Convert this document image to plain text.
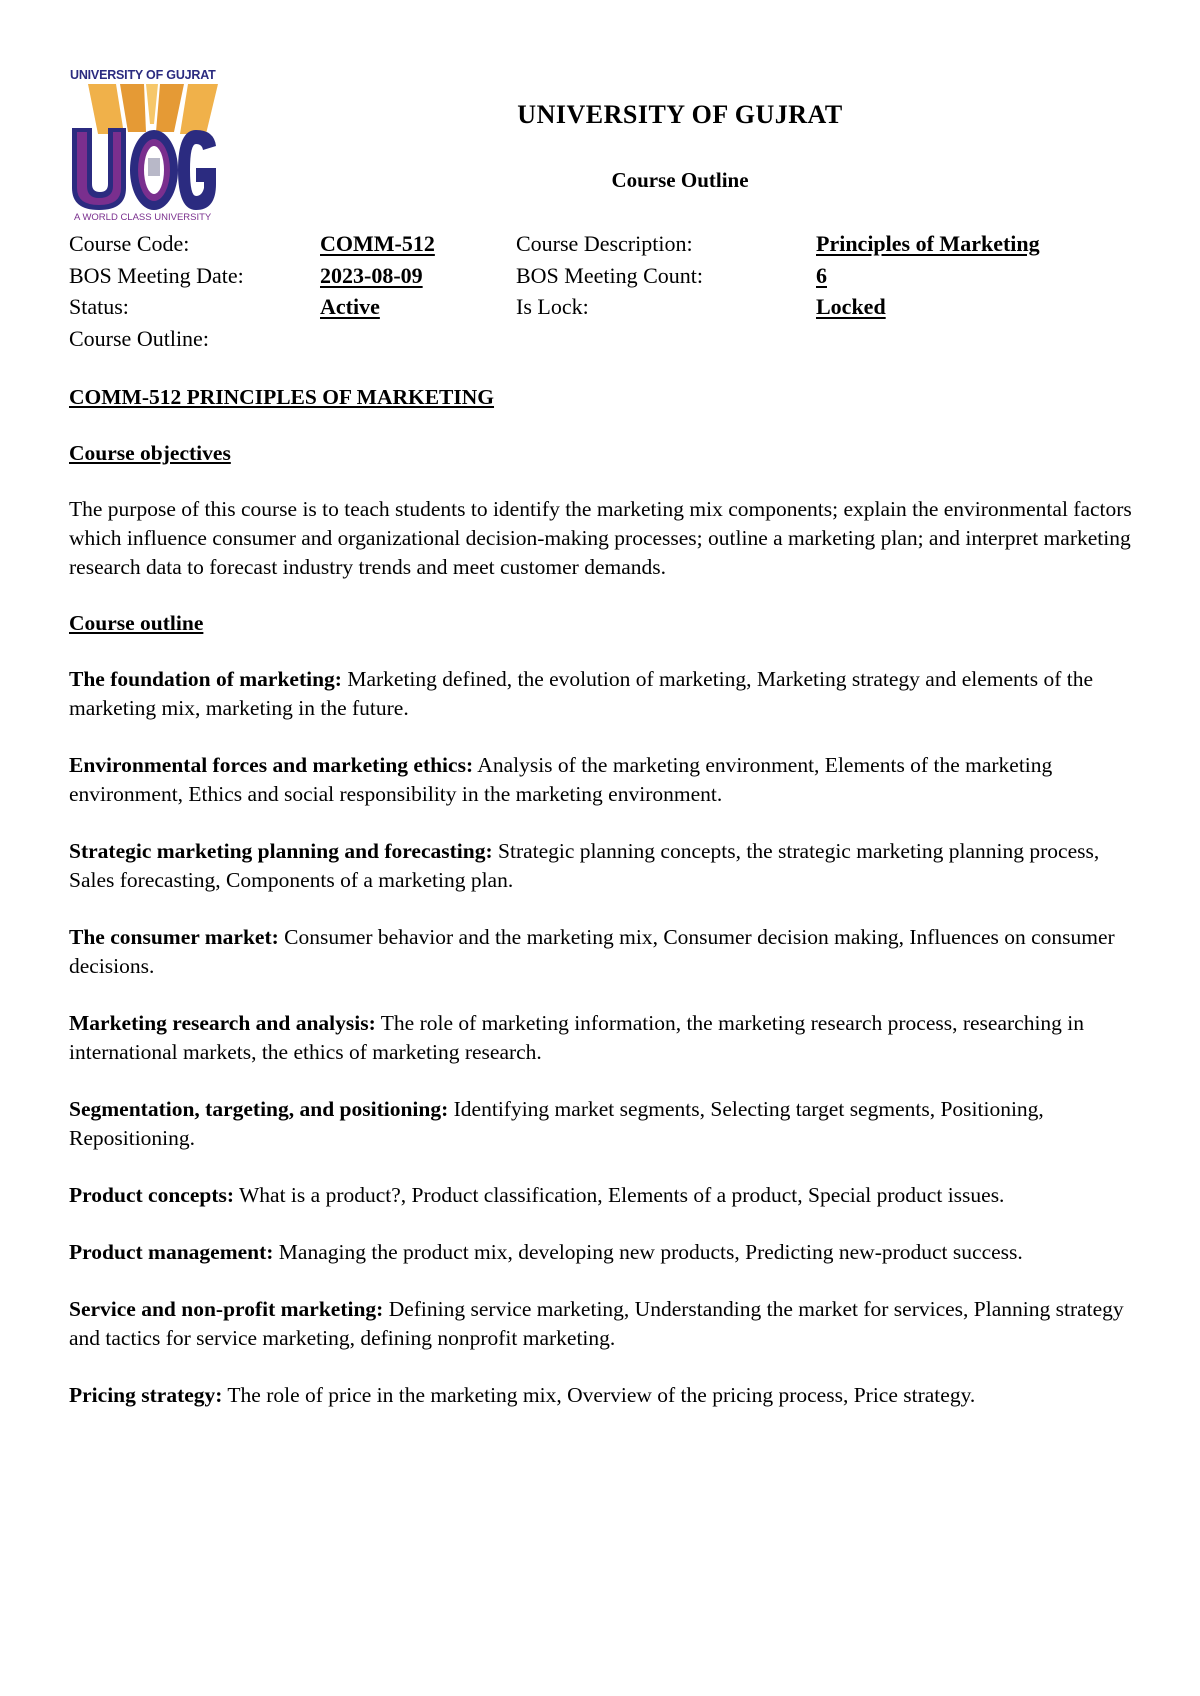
UNIVERSITY OF GUJRAT
A WORLD CLASS UNIVERSITY
UNIVERSITY OF GUJRAT
Course Outline
Course Code:	COMM-512	Course Description:	Principles of Marketing
BOS Meeting Date:	2023-08-09	BOS Meeting Count:	6
Status:	Active	Is Lock:	Locked
Course Outline:

COMM-512 PRINCIPLES OF MARKETING

Course objectives

The purpose of this course is to teach students to identify the marketing mix components; explain the environmental factors which influence consumer and organizational decision-making processes; outline a marketing plan; and interpret marketing research data to forecast industry trends and meet customer demands.

Course outline

The foundation of marketing: Marketing defined, the evolution of marketing, Marketing strategy and elements of the marketing mix, marketing in the future.

Environmental forces and marketing ethics: Analysis of the marketing environment, Elements of the marketing environment, Ethics and social responsibility in the marketing environment.

Strategic marketing planning and forecasting: Strategic planning concepts, the strategic marketing planning process, Sales forecasting, Components of a marketing plan.

The consumer market: Consumer behavior and the marketing mix, Consumer decision making, Influences on consumer decisions.

Marketing research and analysis: The role of marketing information, the marketing research process, researching in international markets, the ethics of marketing research.

Segmentation, targeting, and positioning: Identifying market segments, Selecting target segments, Positioning, Repositioning.

Product concepts: What is a product?, Product classification, Elements of a product, Special product issues.

Product management: Managing the product mix, developing new products, Predicting new-product success.

Service and non-profit marketing: Defining service marketing, Understanding the market for services, Planning strategy and tactics for service marketing, defining nonprofit marketing.

Pricing strategy: The role of price in the marketing mix, Overview of the pricing process, Price strategy.
